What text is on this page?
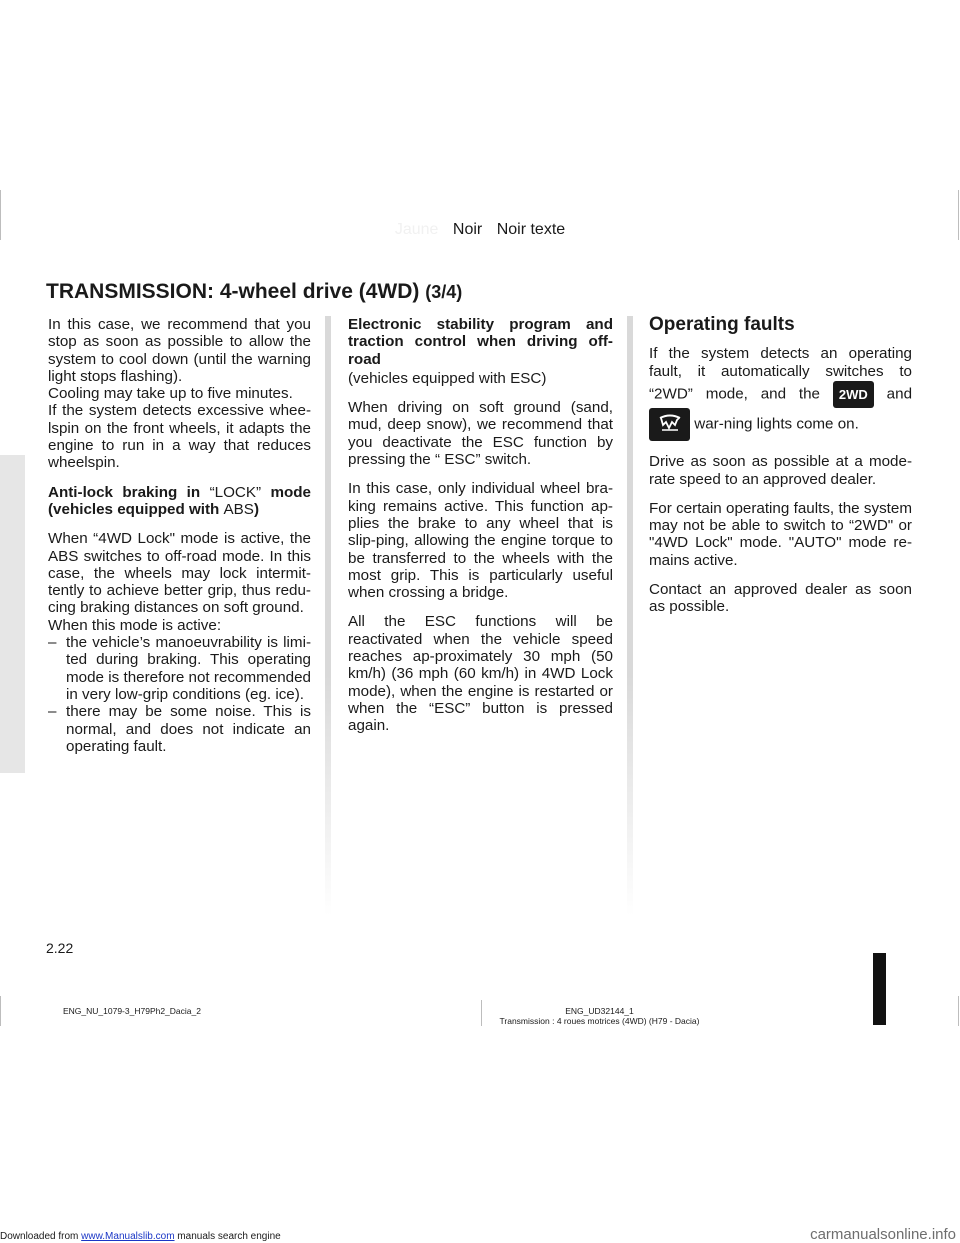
Jaune Noir Noir texte
TRANSMISSION: 4-wheel drive (4WD) (3/4)

In this case, we recommend that you stop as soon as possible to allow the system to cool down (until the warning light stops flashing).

Cooling may take up to five minutes.

If the system detects excessive whee-lspin on the front wheels, it adapts the engine to run in a way that reduces wheelspin.

Anti-lock braking in “LOCK” mode (vehicles equipped with ABS)

When “4WD Lock" mode is active, the ABS switches to off-road mode. In this case, the wheels may lock intermit-tently to achieve better grip, thus redu-cing braking distances on soft ground.

When this mode is active:

– the vehicle’s manoeuvrability is limi-ted during braking. This operating mode is therefore not recommended in very low-grip conditions (eg. ice).
– there may be some noise. This is normal, and does not indicate an operating fault.

Electronic stability program and traction control when driving off-road

(vehicles equipped with ESC)

When driving on soft ground (sand, mud, deep snow), we recommend that you deactivate the ESC function by pressing the “ ESC” switch.

In this case, only individual wheel bra-king remains active. This function ap-plies the brake to any wheel that is slip-ping, allowing the engine torque to be transferred to the wheels with the most grip. This is particularly useful when crossing a bridge.

All the ESC functions will be reactivated when the vehicle speed reaches ap-proximately 30 mph (50 km/h) (36 mph (60 km/h) in 4WD Lock mode), when the engine is restarted or when the “ESC” button is pressed again.

Operating faults

If the system detects an operating fault, it automatically switches to “2WD” mode, and the 2WD and  war-ning lights come on.

Drive as soon as possible at a mode-rate speed to an approved dealer.

For certain operating faults, the system may not be able to switch to “2WD" or "4WD Lock" mode. "AUTO" mode re-mains active.

Contact an approved dealer as soon as possible.

2.22
ENG_NU_1079-3_H79Ph2_Dacia_2	ENG_UD32144_1
Transmission : 4 roues motrices (4WD) (H79 - Dacia)
Downloaded from www.Manualslib.com manuals search engine	carmanualsonline.info
